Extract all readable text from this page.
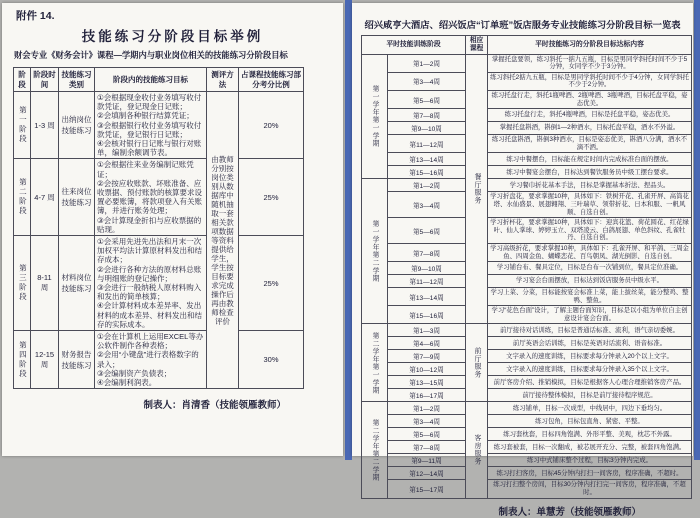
附件 14.
技能练习分阶段目标举例
财会专业《财务会计》课程—学期内与职业岗位相关的技能练习分阶段目标
阶段	阶段时间	技能练习类别	阶段内的技能练习目标	测评方法	占课程技能练习部分考分比例

第一阶段	1-3 周	出纳岗位技能练习	①会根据现金收付业务填写收付款凭证，登记现金日记账；
②会填制各种银行结算凭证；
③会根据银行收付业务填写收付款凭证，登记银行日记账；
④会核对银行日记账与银行对账单，编制余额调节表。	由教师分别按岗位类别从数据库中随机抽取一套相关款项数据等资料提供给学生，学生按目标要求完成操作后再由教师检查评价	20%

第二阶段	4-7 周	往来岗位技能练习	①会根据往来业务编制记账凭证；
②会按应收账款、坏账准备、应收票据、预付账款的核算要求设置必要账簿，将款项登入有关账簿，并进行账务处理；
③会计算现金折扣与应收票据的贴现。		25%

第三阶段	8-11 周	材料岗位技能练习	①会采用先进先出法和月末一次加权平均法计算原材料发出和结存成本；
②会进行各种方法的原材料总账与明细账的登记操作；
③会进行一般纳税人原材料购入和发出的简单核算；
④会计算材料成本差异率、发出材料的成本差异、材料发出和结存的实际成本。		25%

第四阶段	12-15 周	财务报告技能练习	①会在计算机上运用EXCEL等办公软件制作各种表格；
②会用“小键盘”进行表格数字的录入；
③会编制资产负债表；
④会编制利润表。		30%
制表人：肖清香（技能领雁教师）
绍兴咸亨大酒店、绍兴饭店“订单班”饭店服务专业技能练习分阶段目标一览表
平时技能训练阶段		相应课程	平时技能练习的分阶段目标达标内容

第一学年第一学期	第1—2周	餐厅服务	掌握托盘要领，练习斜托一掂九五瓶，目标是男同学斜托时间不少于5分钟，女同学不少于3分钟。
	第3—4周		练习斜托2掂九五瓶，目标是男同学斜托时间不少于4分钟，女同学斜托不少于2分钟。
	第5—6周		练习托盘行走，斜托1瓶啤酒、2瓶啤酒、3瓶啤酒，目标托盘平稳，姿态优美。
	第7—8周		练习托盘行走，斜托4瓶啤酒，目标是托盘平稳，姿态优美。
	第9—10周		掌握托盘斟酒，斟倒1—2种酒水，目标托盘平稳，酒水不外溢。
	第11—12周		练习托盘斟酒，斟倒3种酒水，目标是姿态优美，斟酒八分满，酒水不滴不洒。
	第13—14周		练习中餐摆台，目标能在规定时间内完成标准台面的摆放。
	第15—16周		练习中餐宴会摆台，目标达到餐饮服务员中级工摆台要求。

第一学年第二学期	第1—2周		学习餐巾折花基本手法，目标是掌握基本折法、捏品头。
	第3—4周		学习折盘花，要求掌握10种，具体如下：铁树开花、孔雀开屏、高筒花塔、水仙盛景、展翅翱翔、三叶瑞草、领带折花、日本和服、一帆风顺、自选自创。
	第5—6周		学习折杯花，要求掌握10种，具体如下：迎宾花篮、荷花圆花、红花绿叶、仙人掌球、婷婷玉立、双塔凌云、白鸽展翅、单色斜纹、孔雀牡丹、自选自创。
	第7—8周		学习高级折花，要求掌握10种，具体如下：孔雀开屏、和平鸽、三周金鱼、四周金鱼、蝴蝶恋花、百鸟朝凤、湖光倒影、自选自创。
	第9—10周		学习铺台布、餐具定位，目标是台布一次铺到位，餐具定位准确。
	第11—12周		学习宴会台面摆放，目标达到饭店服务员中级水平。
	第13—14周		学习上菜、分菜，目标能按宴会标准上菜，能上拔丝菜，能分整鸡、整鸭、整鱼。
	第15—16周		学习“花色台面”设计，了解主题台面知识，目标是以小组为单位自主创意设计宴会台面。

第二学年第一学期	第1—3周	前厅服务	前厅接待对话训练，目标是普通话标准、流利，语气亲切委婉。
	第4—6周		前厅英语会话训练，目标是英语对话流利、语音标准。
	第7—9周		文字录入的速度训练，目标要求每分钟录入20个以上文字。
	第10—12周		文字录入的速度训练，目标要求每分钟录入35个以上文字。
	第13—15周		前厅客房介绍、推销模拟，目标是根据客人心理合理推销客房产品。
	第16—17周		前厅接待整体模拟，目标是前厅接待程序规范。

第二学年第二学期	第1—2周	客房服务	练习铺单，目标一次成型，中线居中，四边下垂均匀。
	第3—4周		练习包角，目标包直角、紧密、平整。
	第5—6周		练习套枕套，目标四角饱满、外形平整、美观，枕芯不外露。
	第7—8周		练习套被套，目标一次翻成，被芯展开充分、完整，被套四角饱满。
	第9—11周		练习中式铺床整个过程，目标3分钟内完成。
	第12—14周		练习打扫客房，目标45分钟内打扫一间客房，程序准确，不超时。
	第15—17周		练习打扫整个房间，目标30分钟内打扫完一间客房，程序准确，不超时。
制表人：单慧芳（技能领雁教师）
